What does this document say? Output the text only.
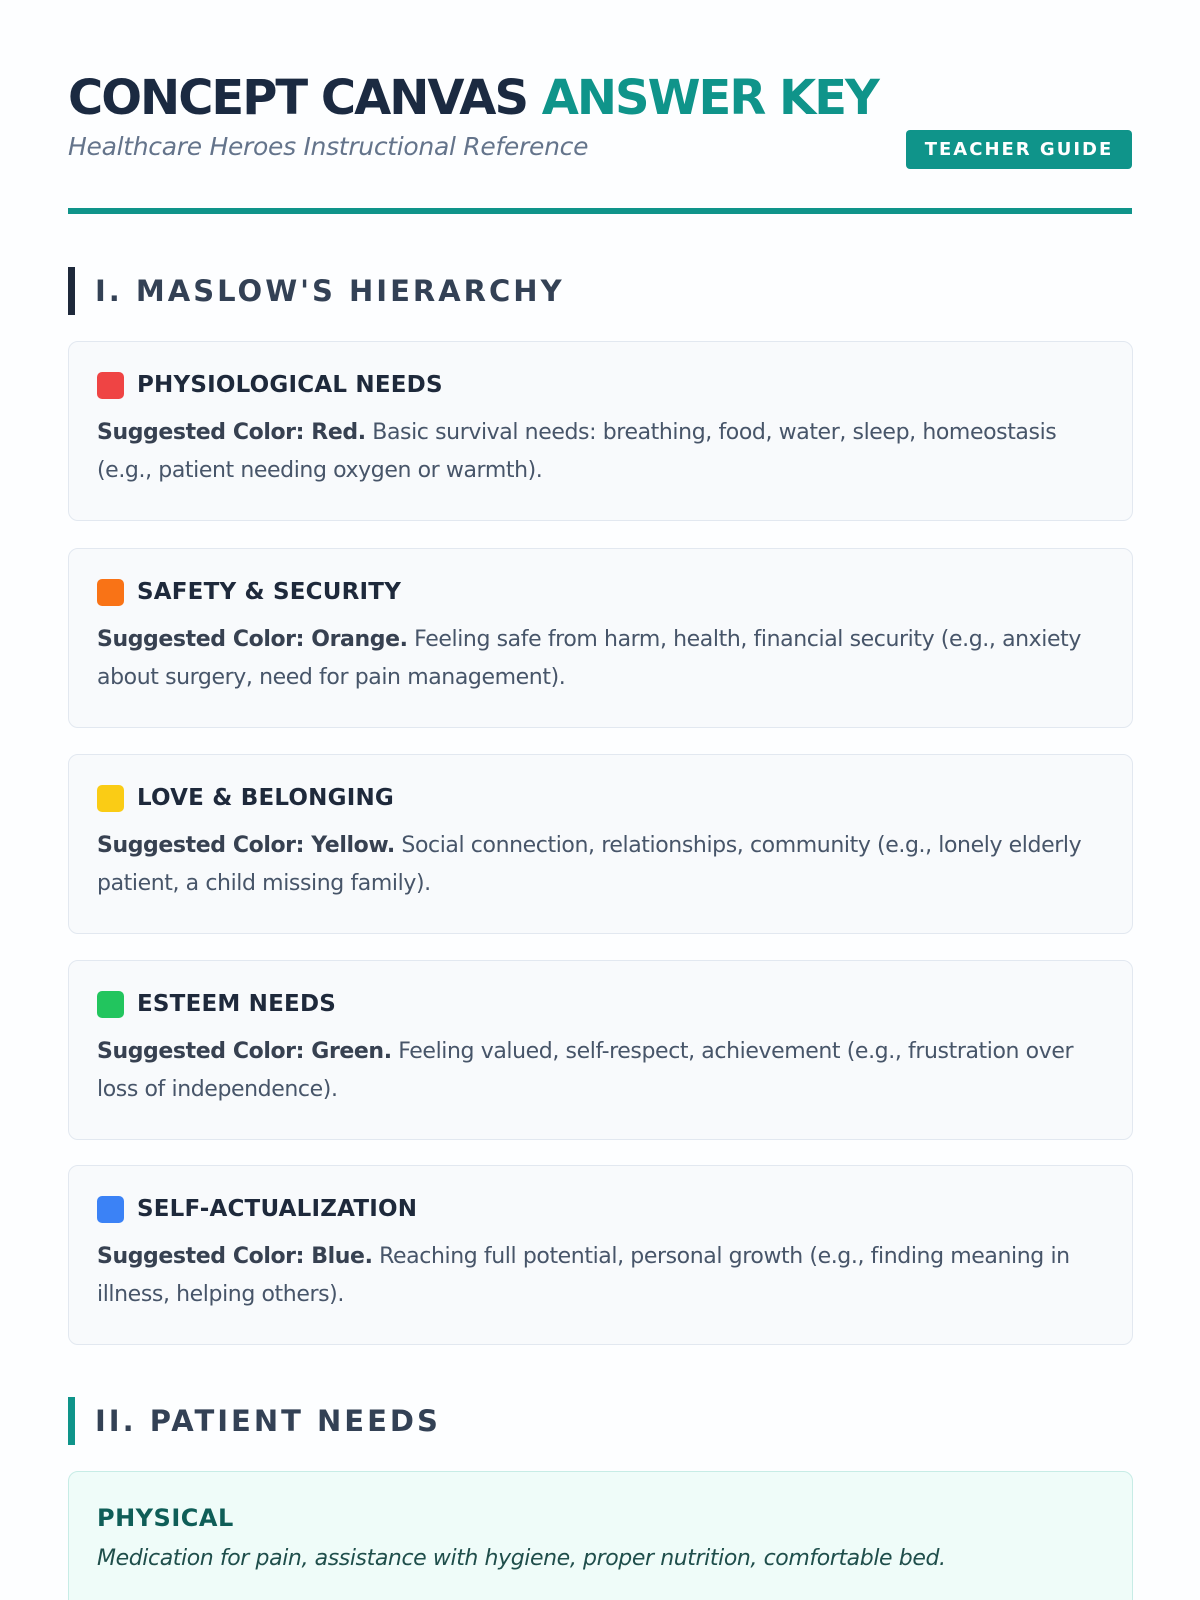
CONCEPT CANVAS ANSWER KEY
Healthcare Heroes Instructional Reference	TEACHER GUIDE
I. MASLOW'S HIERARCHY
PHYSIOLOGICAL NEEDS

Suggested Color: Red. Basic survival needs: breathing, food, water, sleep, homeostasis (e.g., patient needing oxygen or warmth).

SAFETY & SECURITY

Suggested Color: Orange. Feeling safe from harm, health, financial security (e.g., anxiety about surgery, need for pain management).

LOVE & BELONGING

Suggested Color: Yellow. Social connection, relationships, community (e.g., lonely elderly patient, a child missing family).

ESTEEM NEEDS

Suggested Color: Green. Feeling valued, self-respect, achievement (e.g., frustration over loss of independence).

SELF-ACTUALIZATION

Suggested Color: Blue. Reaching full potential, personal growth (e.g., finding meaning in illness, helping others).

II. PATIENT NEEDS
PHYSICAL

Medication for pain, assistance with hygiene, proper nutrition, comfortable bed.
